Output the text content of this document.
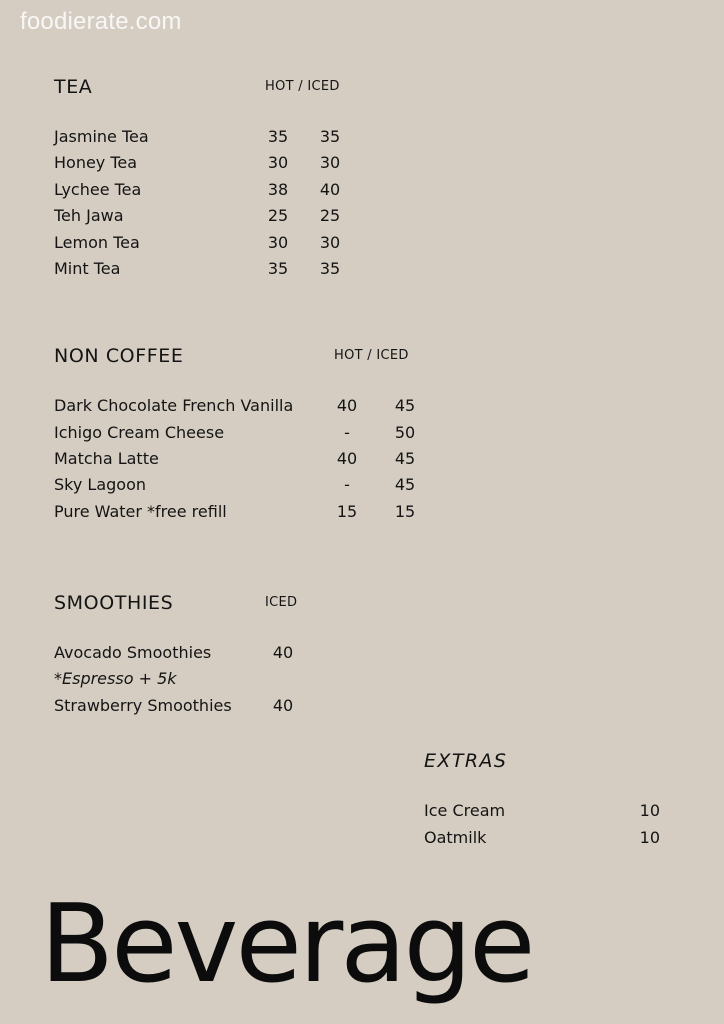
foodierate.com
TEA	HOT / ICED
Jasmine Tea	35	35
Honey Tea	30	30
Lychee Tea	38	40
Teh Jawa	25	25
Lemon Tea	30	30
Mint Tea	35	35
NON COFFEE	HOT / ICED
Dark Chocolate French Vanilla	40	45
Ichigo Cream Cheese	-	50
Matcha Latte	40	45
Sky Lagoon	-	45
Pure Water *free refill	15	15
SMOOTHIES	ICED
Avocado Smoothies	40
*Espresso + 5k
Strawberry Smoothies	40
EXTRAS
Ice Cream	10
Oatmilk	10
Beverage
